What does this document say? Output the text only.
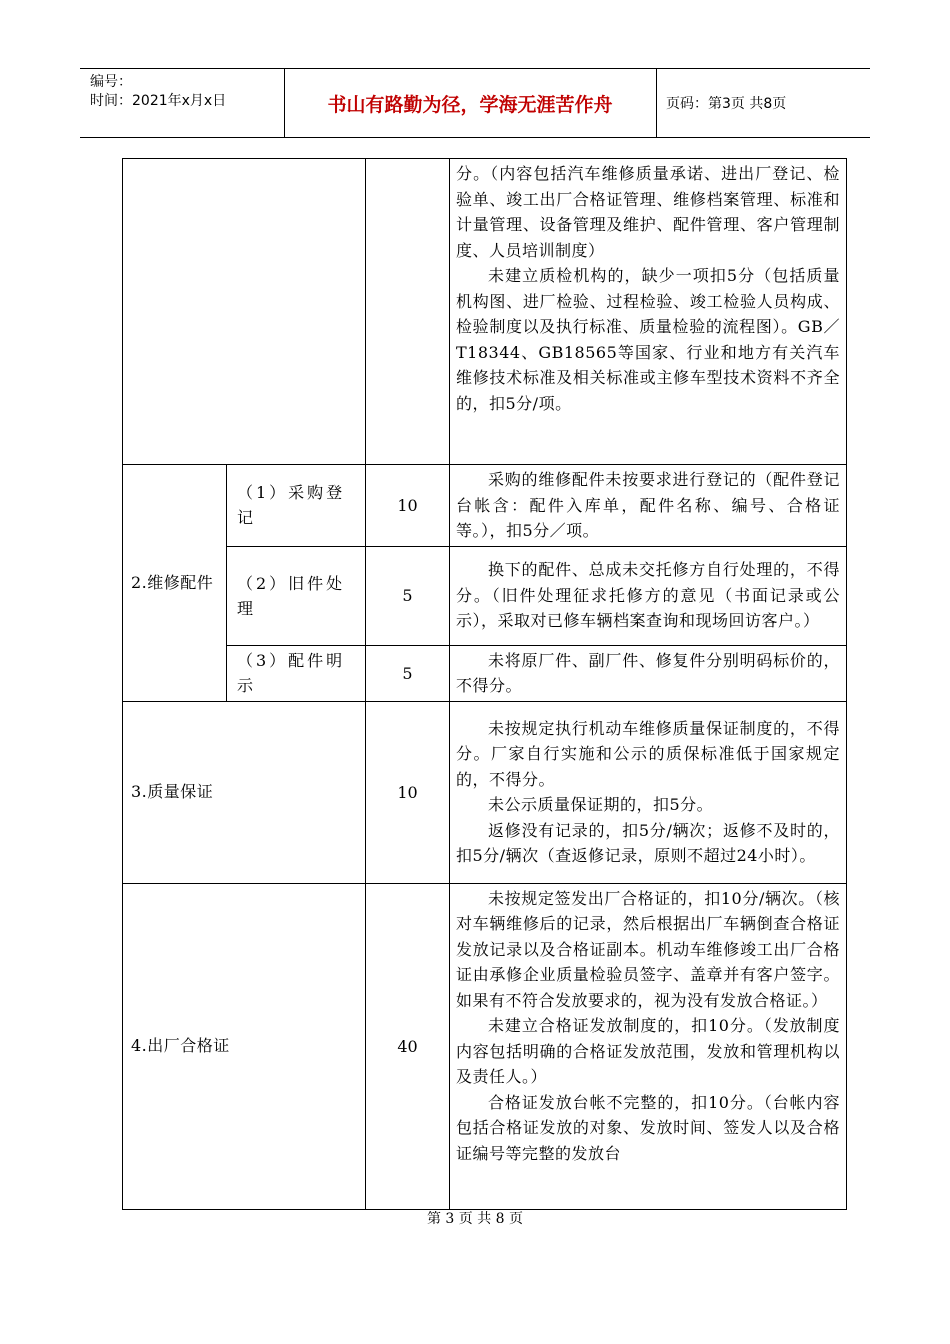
编号：
时间：2021年x月x日	书山有路勤为径，学海无涯苦作舟	页码：第3页 共8页

			分。（内容包括汽车维修质量承诺、进出厂登记、检验单、竣工出厂合格证管理、维修档案管理、标准和计量管理、设备管理及维护、配件管理、客户管理制度、人员培训制度）

未建立质检机构的，缺少一项扣5分（包括质量机构图、进厂检验、过程检验、竣工检验人员构成、检验制度以及执行标准、质量检验的流程图）。GB／T18344、GB18565等国家、行业和地方有关汽车维修技术标准及相关标准或主修车型技术资料不齐全的，扣5分/项。

2.维修配件	（1）采购登记	10	采购的维修配件未按要求进行登记的（配件登记台帐含：配件入库单，配件名称、编号、合格证等。），扣5分／项。

	（2）旧件处理	5	换下的配件、总成未交托修方自行处理的，不得分。（旧件处理征求托修方的意见（书面记录或公示），采取对已修车辆档案查询和现场回访客户。）

	（3）配件明示	5	未将原厂件、副厂件、修复件分别明码标价的，不得分。

3.质量保证		10	未按规定执行机动车维修质量保证制度的，不得分。厂家自行实施和公示的质保标准低于国家规定的，不得分。

未公示质量保证期的，扣5分。

返修没有记录的，扣5分/辆次；返修不及时的，扣5分/辆次（查返修记录，原则不超过24小时）。

4.出厂合格证		40	未按规定签发出厂合格证的，扣10分/辆次。（核对车辆维修后的记录，然后根据出厂车辆倒查合格证发放记录以及合格证副本。机动车维修竣工出厂合格证由承修企业质量检验员签字、盖章并有客户签字。如果有不符合发放要求的，视为没有发放合格证。）

未建立合格证发放制度的，扣10分。（发放制度内容包括明确的合格证发放范围，发放和管理机构以及责任人。）

合格证发放台帐不完整的，扣10分。（台帐内容包括合格证发放的对象、发放时间、签发人以及合格证编号等完整的发放台

第 3 页 共 8 页
